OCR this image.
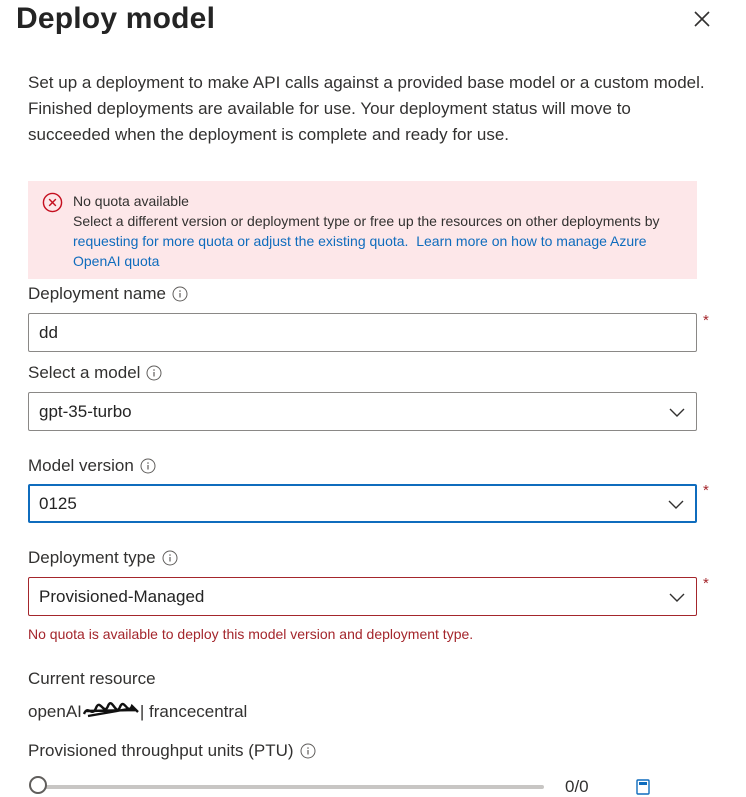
Deploy model

Set up a deployment to make API calls against a provided base model or a custom model. Finished deployments are available for use. Your deployment status will move to succeeded when the deployment is complete and ready for use.

No quota available
Select a different version or deployment type or free up the resources on other deployments by requesting for more quota or adjust the existing quota. Learn more on how to manage Azure OpenAI quota
Deployment name
dd
*
Select a model
gpt-35-turbo
Model version
0125
*
Deployment type
Provisioned-Managed
*
No quota is available to deploy this model version and deployment type.
Current resource
openAI	| francecentral
Provisioned throughput units (PTU)
0/0
